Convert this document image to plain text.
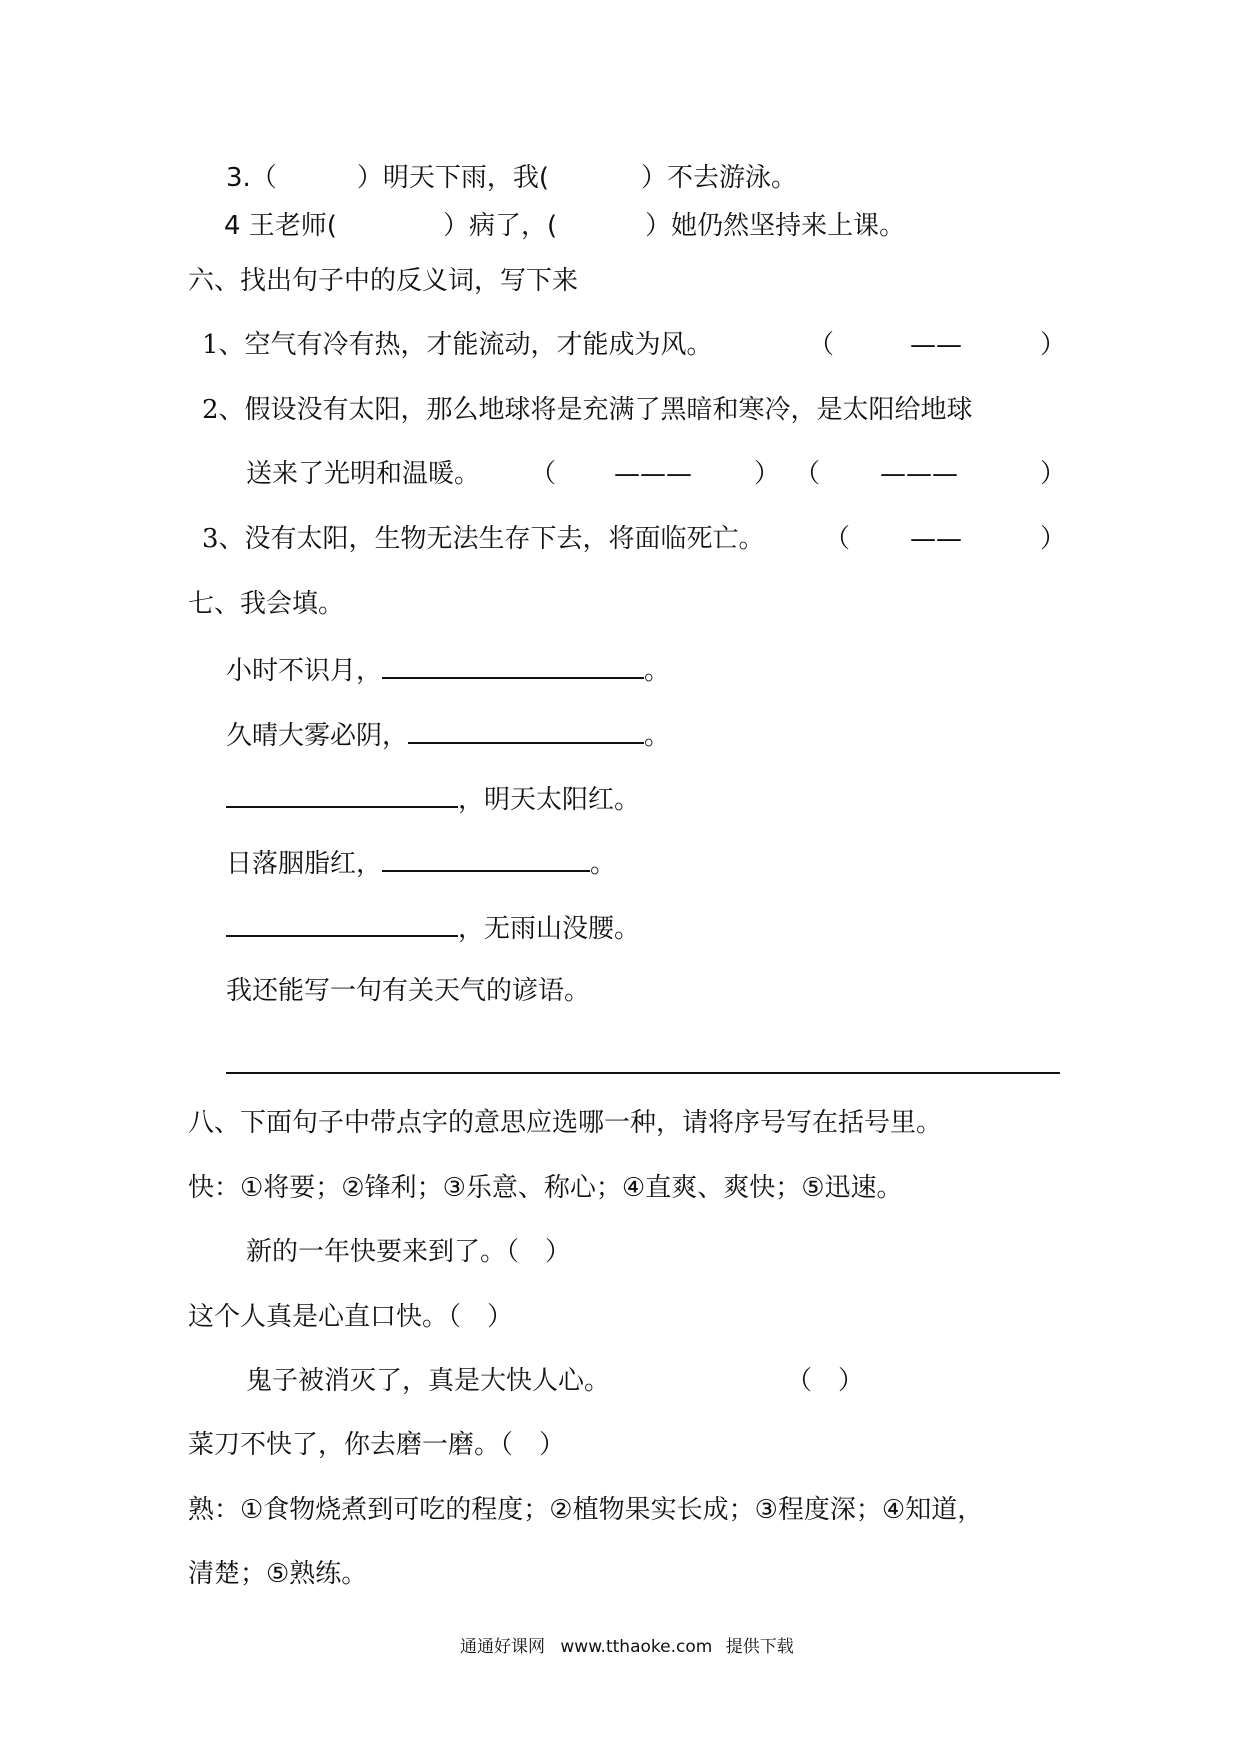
3.（	）明天下雨，我(	）不去游泳。
4 王老师(	）病了，(	）她仍然坚持来上课。
六、找出句子中的反义词，写下来
1、空气有冷有热，才能流动，才能成为风。	（	——	）
2、假设没有太阳，那么地球将是充满了黑暗和寒冷，是太阳给地球
送来了光明和温暖。 （ ——— ） （ ———	）
3、没有太阳，生物无法生存下去，将面临死亡。 （ ——	）
七、我会填。
小时不识月，	。
久晴大雾必阴，	。
，明天太阳红。
日落胭脂红，	。
，无雨山没腰。
我还能写一句有关天气的谚语。
八、下面句子中带点字的意思应选哪一种，请将序号写在括号里。
快：①将要；②锋利；③乐意、称心；④直爽、爽快；⑤迅速。
新的一年快要来到了。（　）
这个人真是心直口快。（　）
鬼子被消灭了，真是大快人心。	（　）
菜刀不快了，你去磨一磨。（　）
熟：①食物烧煮到可吃的程度；②植物果实长成；③程度深；④知道，
清楚；⑤熟练。
通通好课网 www.tthaoke.com 提供下载
